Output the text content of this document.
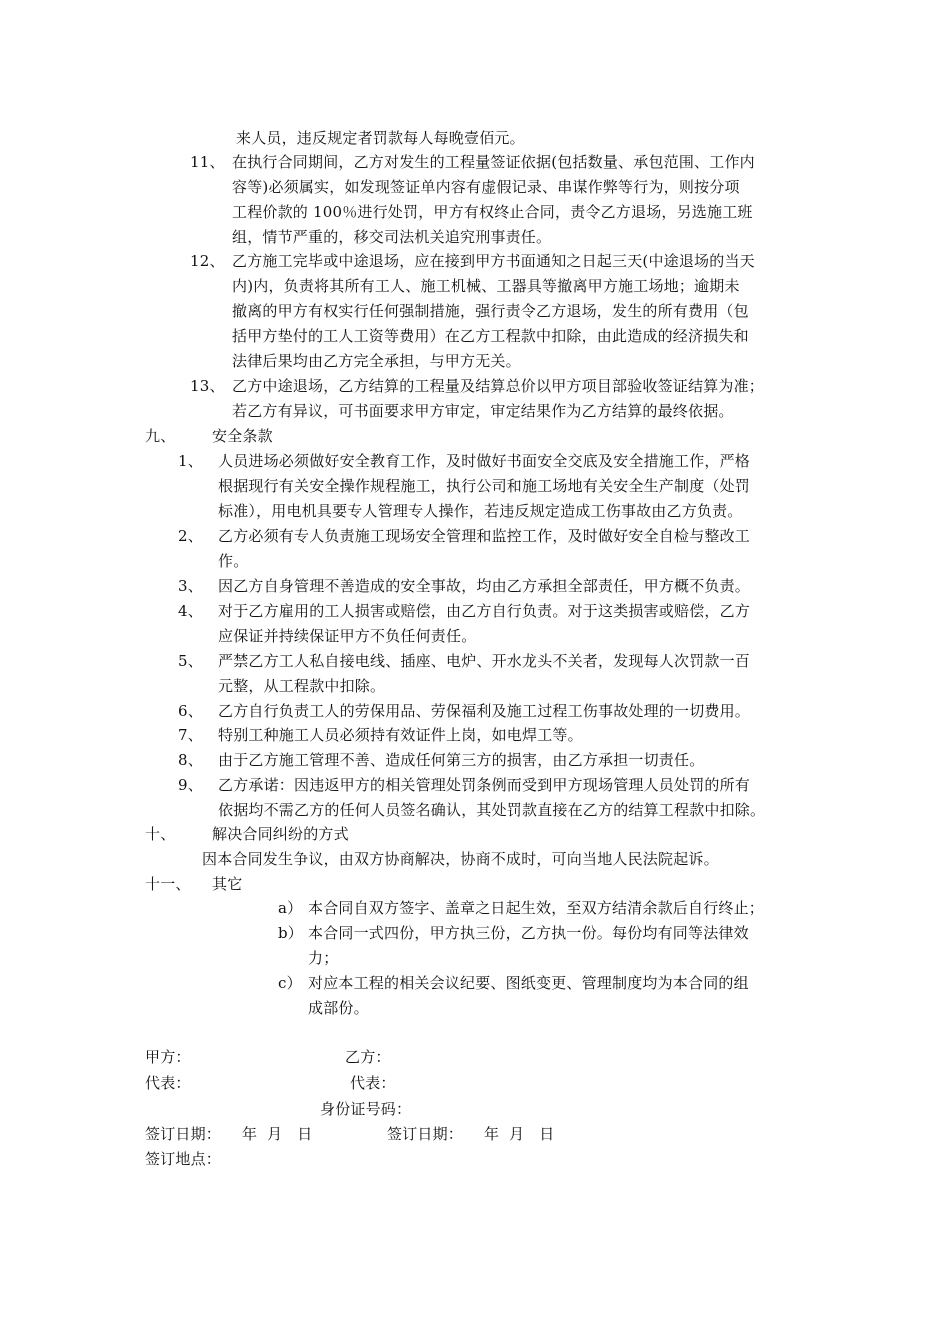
来人员，违反规定者罚款每人每晚壹佰元。
11、 在执行合同期间，乙方对发生的工程量签证依据(包括数量、承包范围、工作内
容等)必须属实，如发现签证单内容有虚假记录、串谋作弊等行为，则按分项
工程价款的 100％进行处罚，甲方有权终止合同，责令乙方退场，另选施工班
组，情节严重的，移交司法机关追究刑事责任。
12、 乙方施工完毕或中途退场，应在接到甲方书面通知之日起三天(中途退场的当天
内)内，负责将其所有工人、施工机械、工器具等撤离甲方施工场地；逾期未
撤离的甲方有权实行任何强制措施，强行责令乙方退场，发生的所有费用（包
括甲方垫付的工人工资等费用）在乙方工程款中扣除，由此造成的经济损失和
法律后果均由乙方完全承担，与甲方无关。
13、 乙方中途退场，乙方结算的工程量及结算总价以甲方项目部验收签证结算为准；
若乙方有异议，可书面要求甲方审定，审定结果作为乙方结算的最终依据。
九、 安全条款
1、 人员进场必须做好安全教育工作，及时做好书面安全交底及安全措施工作，严格
根据现行有关安全操作规程施工，执行公司和施工场地有关安全生产制度（处罚
标准），用电机具要专人管理专人操作，若违反规定造成工伤事故由乙方负责。
2、 乙方必须有专人负责施工现场安全管理和监控工作，及时做好安全自检与整改工
作。
3、 因乙方自身管理不善造成的安全事故，均由乙方承担全部责任，甲方概不负责。
4、 对于乙方雇用的工人损害或赔偿，由乙方自行负责。对于这类损害或赔偿，乙方
应保证并持续保证甲方不负任何责任。
5、 严禁乙方工人私自接电线、插座、电炉、开水龙头不关者，发现每人次罚款一百
元整，从工程款中扣除。
6、 乙方自行负责工人的劳保用品、劳保福利及施工过程工伤事故处理的一切费用。
7、 特别工种施工人员必须持有效证件上岗，如电焊工等。
8、 由于乙方施工管理不善、造成任何第三方的损害，由乙方承担一切责任。
9、 乙方承诺：因违返甲方的相关管理处罚条例而受到甲方现场管理人员处罚的所有
依据均不需乙方的任何人员签名确认，其处罚款直接在乙方的结算工程款中扣除。
十、 解决合同纠纷的方式
因本合同发生争议，由双方协商解决，协商不成时，可向当地人民法院起诉。
十一、 其它
a） 本合同自双方签字、盖章之日起生效，至双方结清余款后自行终止；
b） 本合同一式四份，甲方执三份，乙方执一份。每份均有同等法律效
力；
c） 对应本工程的相关会议纪要、图纸变更、管理制度均为本合同的组
成部份。
甲方：	乙方：
代表：	代表：
身份证号码：
签订日期： 年  月   日	签订日期： 年  月   日
签订地点：
